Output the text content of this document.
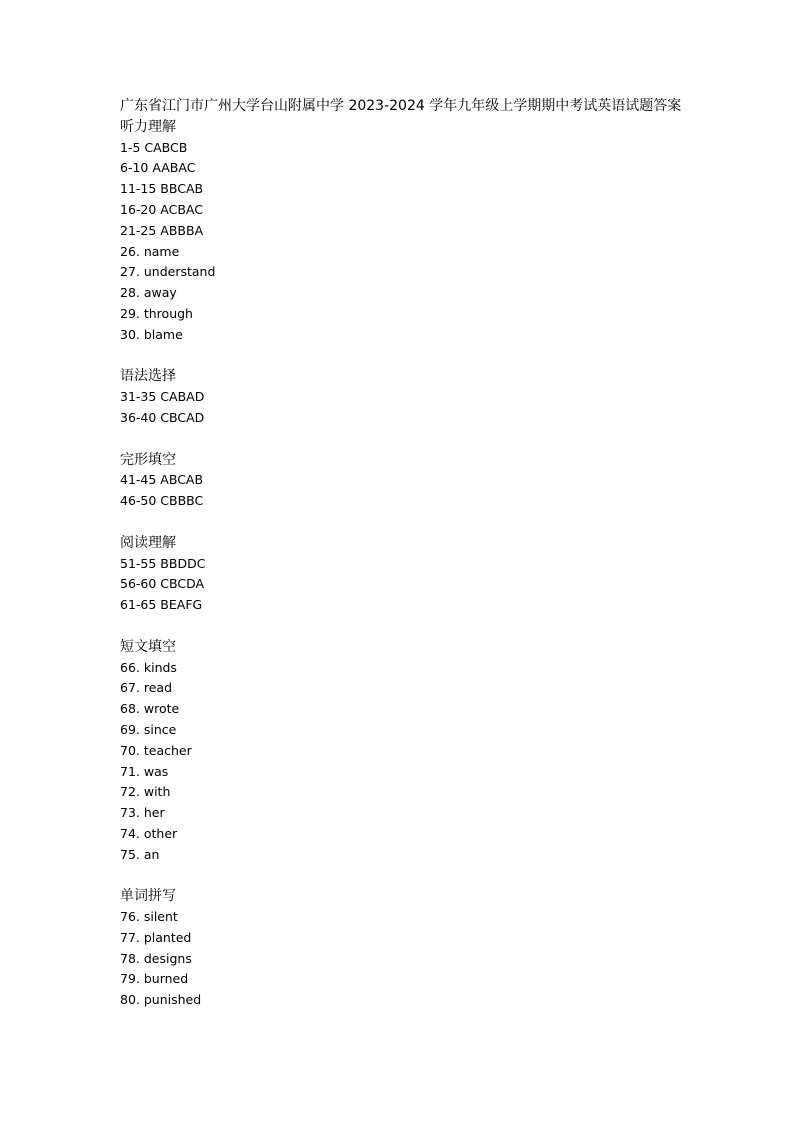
广东省江门市广州大学台山附属中学 2023-2024 学年九年级上学期期中考试英语试题答案
听力理解
1-5 CABCB
6-10 AABAC
11-15 BBCAB
16-20 ACBAC
21-25 ABBBA
26. name
27. understand
28. away
29. through
30. blame
语法选择
31-35 CABAD
36-40 CBCAD
完形填空
41-45 ABCAB
46-50 CBBBC
阅读理解
51-55 BBDDC
56-60 CBCDA
61-65 BEAFG
短文填空
66. kinds
67. read
68. wrote
69. since
70. teacher
71. was
72. with
73. her
74. other
75. an
单词拼写
76. silent
77. planted
78. designs
79. burned
80. punished
